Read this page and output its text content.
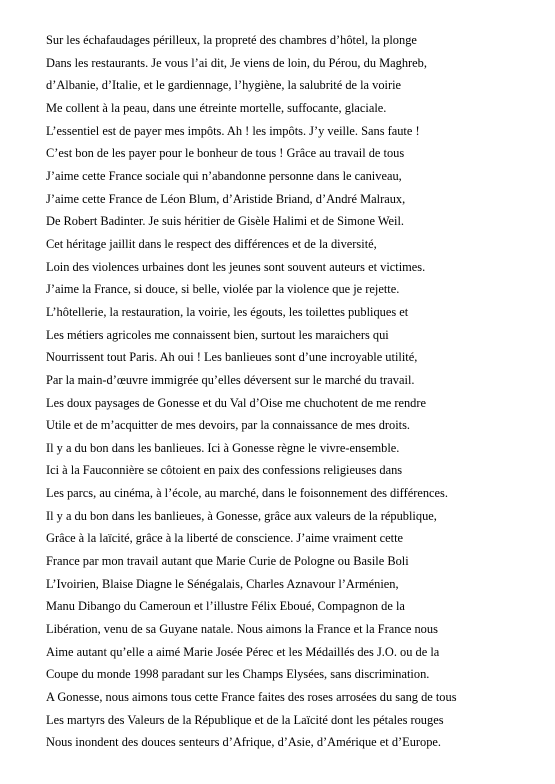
Sur les échafaudages périlleux, la propreté des chambres d’hôtel, la plonge
Dans les restaurants. Je vous l’ai dit, Je viens de loin, du Pérou, du Maghreb,
d’Albanie, d’Italie, et le gardiennage, l’hygiène, la salubrité de la voirie
Me collent à la peau, dans une étreinte mortelle, suffocante, glaciale.
L’essentiel est de payer mes impôts. Ah ! les impôts. J’y veille. Sans faute !
C’est bon de les payer pour le bonheur de tous ! Grâce au travail de tous
J’aime cette France sociale qui n’abandonne personne dans le caniveau,
J’aime cette France de Léon Blum, d’Aristide Briand, d’André Malraux,
De Robert Badinter. Je suis héritier de Gisèle Halimi et de Simone Weil.
Cet héritage jaillit dans le respect des différences et de la diversité,
Loin des violences urbaines dont les jeunes sont souvent auteurs et victimes.
J’aime la France, si douce, si belle, violée par la violence que je rejette.
L’hôtellerie, la restauration, la voirie, les égouts, les toilettes publiques et
Les métiers agricoles me connaissent bien, surtout les maraichers qui
Nourrissent tout Paris. Ah oui ! Les banlieues sont d’une incroyable utilité,
Par la main-d’œuvre immigrée qu’elles déversent sur le marché du travail.
Les doux paysages de Gonesse et du Val d’Oise me chuchotent de me rendre
Utile et de m’acquitter de mes devoirs, par la connaissance de mes droits.
Il y a du bon dans les banlieues. Ici à Gonesse règne le vivre-ensemble.
Ici à la Fauconnière se côtoient en paix des confessions religieuses dans
Les parcs, au cinéma, à l’école, au marché, dans le foisonnement des différences.
Il y a du bon dans les banlieues, à Gonesse, grâce aux valeurs de la république,
Grâce à la laïcité, grâce à la liberté de conscience. J’aime vraiment cette
France par mon travail autant que Marie Curie de Pologne ou Basile Boli
L’Ivoirien, Blaise Diagne le Sénégalais, Charles Aznavour l’Arménien,
Manu Dibango du Cameroun et l’illustre Félix Eboué, Compagnon de la
Libération, venu de sa Guyane natale. Nous aimons la France et la France nous
Aime autant qu’elle a aimé Marie Josée Pérec et les Médaillés des J.O. ou de la
Coupe du monde 1998 paradant sur les Champs Elysées, sans discrimination.
A Gonesse, nous aimons tous cette France faites des roses arrosées du sang de tous
Les martyrs des Valeurs de la République et de la Laïcité dont les pétales rouges
Nous inondent des douces senteurs d’Afrique, d’Asie, d’Amérique et d’Europe.
